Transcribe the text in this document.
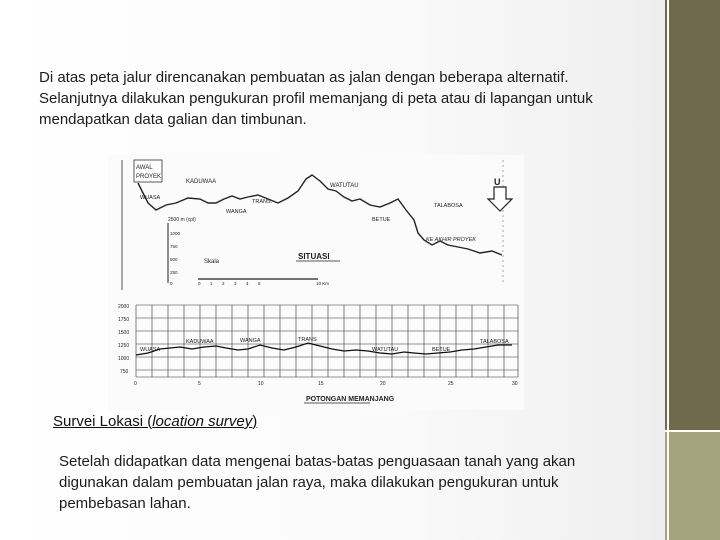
Di atas peta jalur direncanakan pembuatan as jalan dengan beberapa alternatif. Selanjutnya dilakukan pengukuran profil memanjang di peta atau di lapangan untuk mendapatkan data galian dan timbunan.

AWAL
PROYEK
WUASA
KADUWAA
TRANS.
WANGA
WATUTAU
BETUE
TALABOSA
KE AKHIR PROYEK
U
SITUASI
2500 m (cpl)
1000
750
500
250
0
Skala
0 1 2 3 4 5	10 Km
2000
1750
1500
1250
1000
750
WUASA
KADUWAA	WANGA	TRANS
WATUTAU	BETUE
TALABOSA
0	5	10	15	20	25	30
POTONGAN MEMANJANG
Survei Lokasi (location survey)

Setelah didapatkan data mengenai batas-batas penguasaan tanah yang akan digunakan dalam pembuatan jalan raya, maka dilakukan pengukuran untuk pembebasan lahan.
